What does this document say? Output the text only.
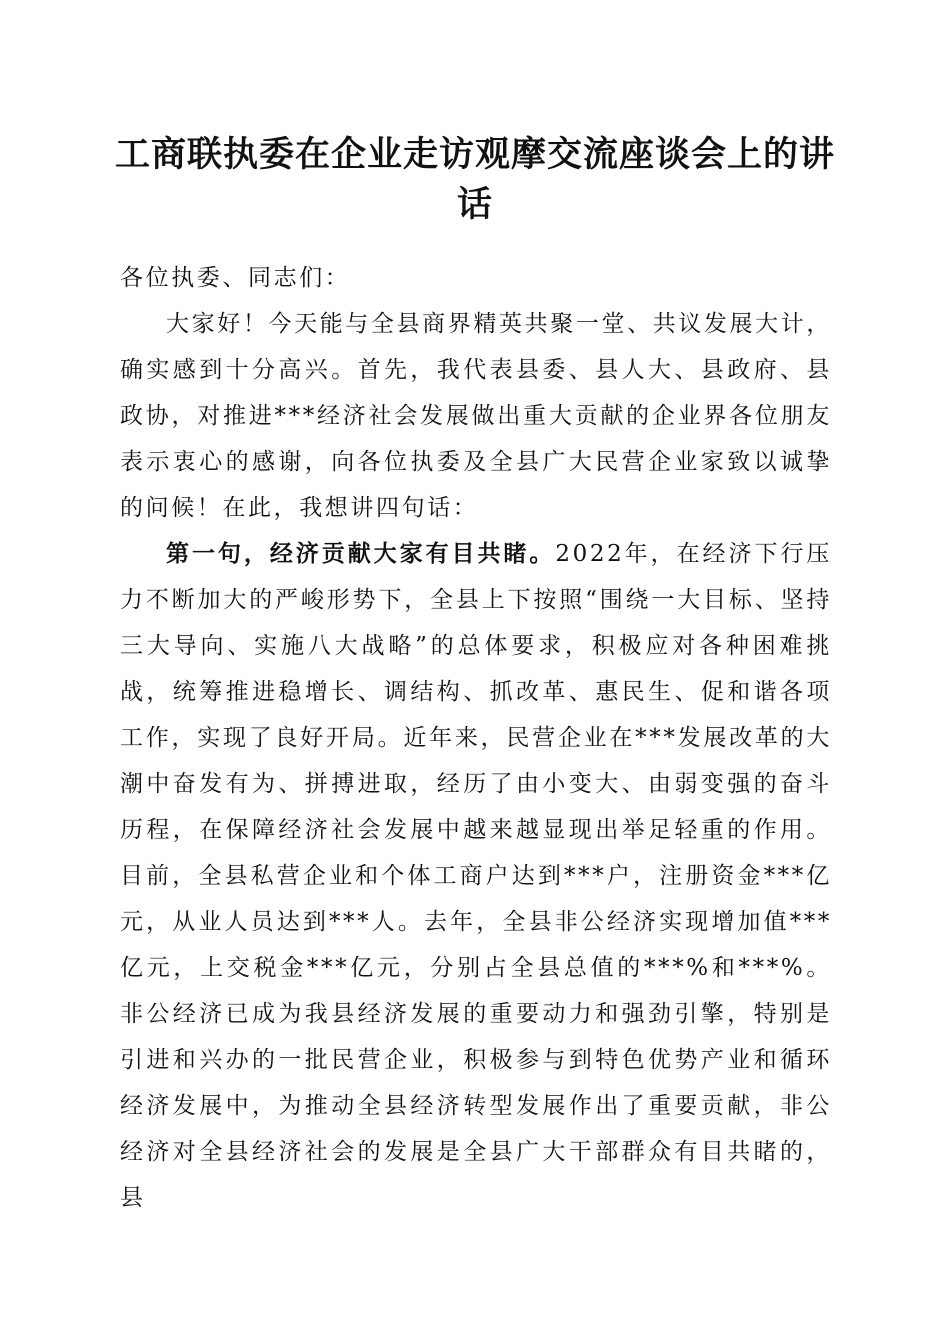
工商联执委在企业走访观摩交流座谈会上的讲话

各位执委、同志们：

大家好！今天能与全县商界精英共聚一堂、共议发展大计，确实感到十分高兴。首先，我代表县委、县人大、县政府、县政协，对推进***经济社会发展做出重大贡献的企业界各位朋友表示衷心的感谢，向各位执委及全县广大民营企业家致以诚挚的问候！在此，我想讲四句话：

第一句，经济贡献大家有目共睹。2022年，在经济下行压力不断加大的严峻形势下，全县上下按照“围绕一大目标、坚持三大导向、实施八大战略”的总体要求，积极应对各种困难挑战，统筹推进稳增长、调结构、抓改革、惠民生、促和谐各项工作，实现了良好开局。近年来，民营企业在***发展改革的大潮中奋发有为、拼搏进取，经历了由小变大、由弱变强的奋斗历程，在保障经济社会发展中越来越显现出举足轻重的作用。目前，全县私营企业和个体工商户达到***户，注册资金***亿元，从业人员达到***人。去年，全县非公经济实现增加值***亿元，上交税金***亿元，分别占全县总值的***%和***%。非公经济已成为我县经济发展的重要动力和强劲引擎，特别是引进和兴办的一批民营企业，积极参与到特色优势产业和循环经济发展中，为推动全县经济转型发展作出了重要贡献，非公经济对全县经济社会的发展是全县广大干部群众有目共睹的，县
